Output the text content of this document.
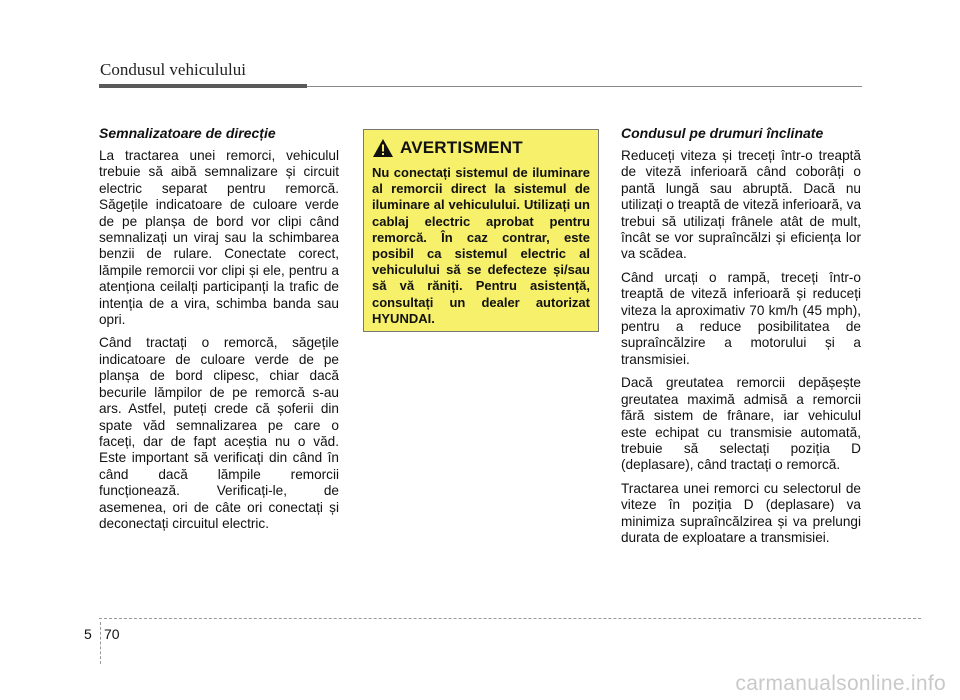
Condusul vehiculului
Semnalizatoare de direcție

La tractarea unei remorci, vehiculul trebuie să aibă semnalizare și circuit electric separat pentru remorcă. Săgețile indicatoare de culoare verde de pe planșa de bord vor clipi când semnalizați un viraj sau la schimbarea benzii de rulare. Conectate corect, lămpile remorcii vor clipi și ele, pentru a atenționa ceilalți participanți la trafic de intenția de a vira, schimba banda sau opri.

Când tractați o remorcă, săgețile indicatoare de culoare verde de pe planșa de bord clipesc, chiar dacă becurile lămpilor de pe remorcă s-au ars. Astfel, puteți crede că șoferii din spate văd semnalizarea pe care o faceți, dar de fapt aceștia nu o văd. Este important să verificați din când în când dacă lămpile remorcii funcționează. Verificați-le, de asemenea, ori de câte ori conectați și deconectați circuitul electric.

AVERTISMENT

Nu conectați sistemul de iluminare al remorcii direct la sistemul de iluminare al vehiculului. Utilizați un cablaj electric aprobat pentru remorcă. În caz contrar, este posibil ca sistemul electric al vehiculului să se defecteze și/sau să vă răniți. Pentru asistență, consultați un dealer autorizat HYUNDAI.

Condusul pe drumuri înclinate

Reduceți viteza și treceți într-o treaptă de viteză inferioară când coborâți o pantă lungă sau abruptă. Dacă nu utilizați o treaptă de viteză inferioară, va trebui să utilizați frânele atât de mult, încât se vor supraîncălzi și eficiența lor va scădea.

Când urcați o rampă, treceți într-o treaptă de viteză inferioară și reduceți viteza la aproximativ 70 km/h (45 mph), pentru a reduce posibilitatea de supraîncălzire a motorului și a transmisiei.

Dacă greutatea remorcii depășește greutatea maximă admisă a remorcii fără sistem de frânare, iar vehiculul este echipat cu transmisie automată, trebuie să selectați poziția D (deplasare), când tractați o remorcă.

Tractarea unei remorci cu selectorul de viteze în poziția D (deplasare) va minimiza supraîncălzirea și va prelungi durata de exploatare a transmisiei.

5 70
carmanualsonline.info
